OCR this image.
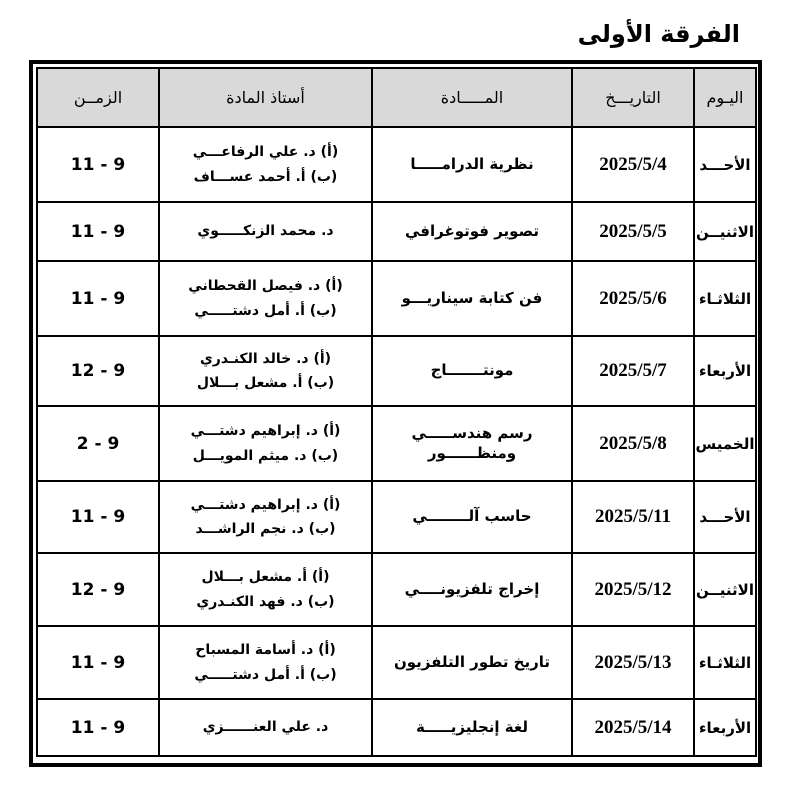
الفرقة الأولى
اليـوم	التاريـــخ	المـــــادة	أستاذ المادة	الزمــن
الأحـــد	2025/5/4	نظرية الدرامـــــا	(أ) د. علي الرفاعـــي
(ب) أ. أحمد عســـاف	11 - 9
الاثنيــن	2025/5/5	تصوير فوتوغرافي	د. محمد الزنكـــــوي	11 - 9
الثلاثـاء	2025/5/6	فن كتابة سيناريـــو	(أ) د. فيصل القحطاني
(ب) أ. أمل دشتـــــي	11 - 9
الأربعاء	2025/5/7	مونتـــــــاج	(أ) د. خالد الكنـدري
(ب) أ. مشعل بـــلال	12 - 9
الخميس	2025/5/8	رسم هندســـــي
ومنظــــــور	(أ) د. إبراهيم دشتـــي
(ب) د. ميثم المويـــل	2 - 9
الأحـــد	2025/5/11	حاسب آلــــــــي	(أ) د. إبراهيم دشتـــي
(ب) د. نجم الراشـــد	11 - 9
الاثنيــن	2025/5/12	إخراج تلفزيونــــي	(أ) أ. مشعل بـــلال
(ب) د. فهد الكنـدري	12 - 9
الثلاثـاء	2025/5/13	تاريخ تطور التلفزيون	(أ) د. أسامة المسباح
(ب) أ. أمل دشتـــــي	11 - 9
الأربعاء	2025/5/14	لغة إنجليزيـــــة	د. علي العنــــــزي	11 - 9
